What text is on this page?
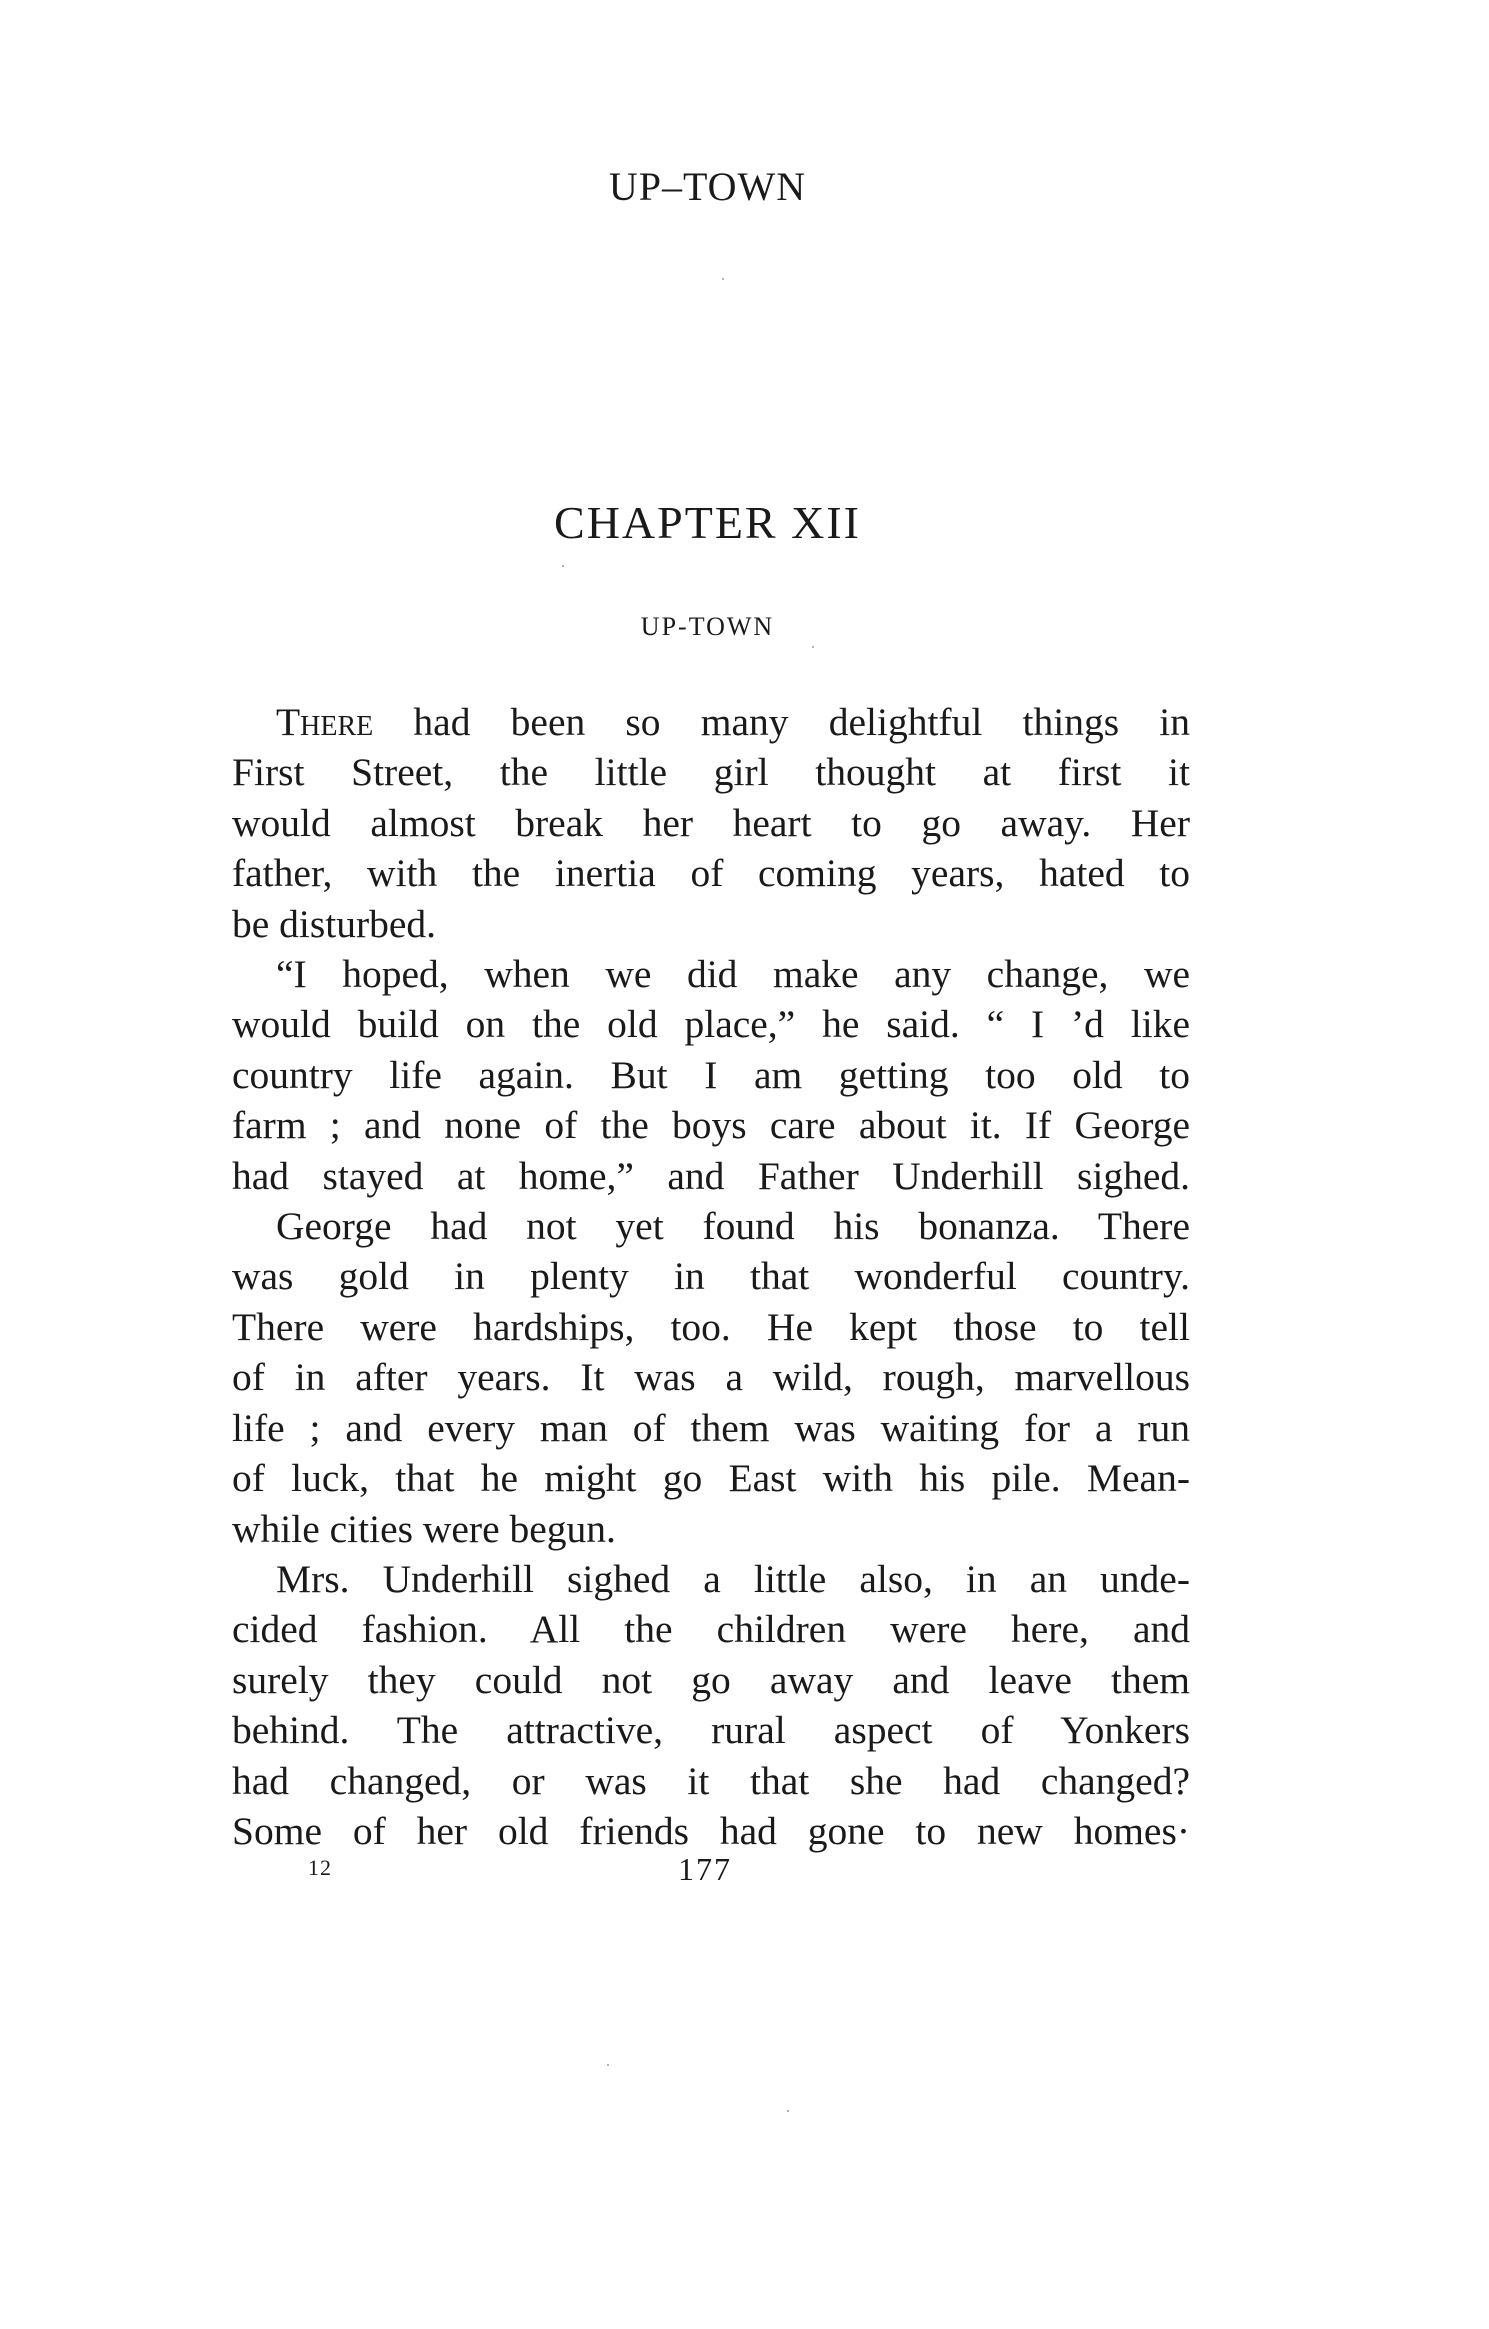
UP–TOWN
CHAPTER XII
UP-TOWN
There had been so many delightful things in
First Street, the little girl thought at first it
would almost break her heart to go away. Her
father, with the inertia of coming years, hated to
be disturbed.
“I hoped, when we did make any change, we
would build on the old place,” he said. “ I ’d like
country life again. But I am getting too old to
farm ; and none of the boys care about it. If George
had stayed at home,” and Father Underhill sighed.
George had not yet found his bonanza. There
was gold in plenty in that wonderful country.
There were hardships, too. He kept those to tell
of in after years. It was a wild, rough, marvellous
life ; and every man of them was waiting for a run
of luck, that he might go East with his pile. Mean-
while cities were begun.
Mrs. Underhill sighed a little also, in an unde-
cided fashion. All the children were here, and
surely they could not go away and leave them
behind. The attractive, rural aspect of Yonkers
had changed, or was it that she had changed?
Some of her old friends had gone to new homes·
12	177
